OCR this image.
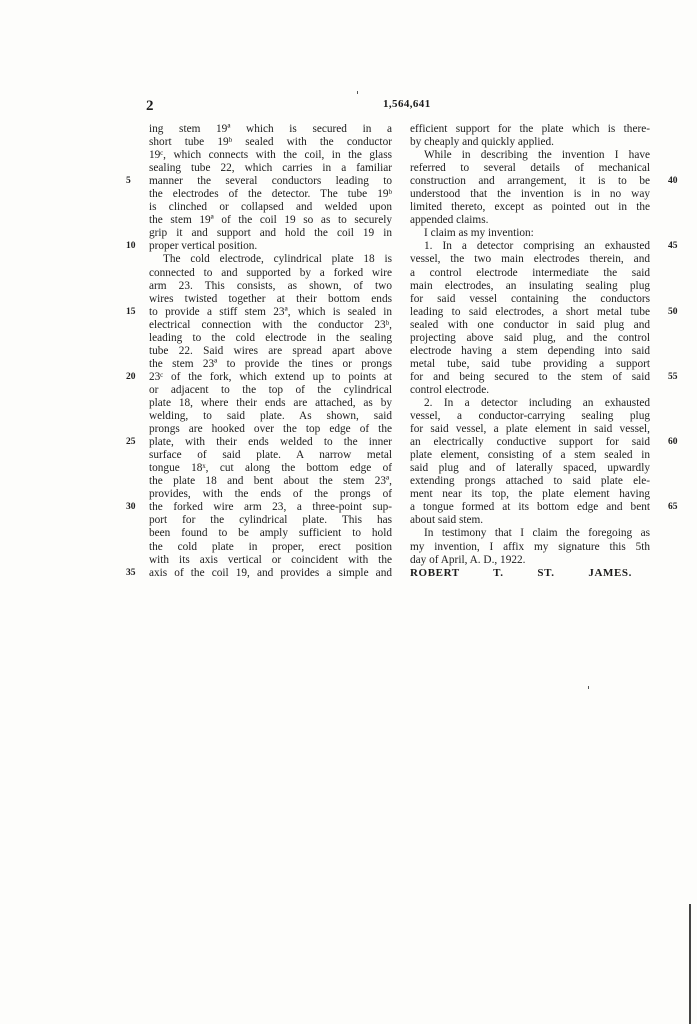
2	1,564,641
ing stem 19ª which is secured in a
short tube 19ᵇ sealed with the conductor
19ᶜ, which connects with the coil, in the glass
sealing tube 22, which carries in a familiar
manner the several conductors leading to
the electrodes of the detector. The tube 19ᵇ
is clinched or collapsed and welded upon
the stem 19ª of the coil 19 so as to securely
grip it and support and hold the coil 19 in
proper vertical position.
The cold electrode, cylindrical plate 18 is
connected to and supported by a forked wire
arm 23. This consists, as shown, of two
wires twisted together at their bottom ends
to provide a stiff stem 23ª, which is sealed in
electrical connection with the conductor 23ᵇ,
leading to the cold electrode in the sealing
tube 22. Said wires are spread apart above
the stem 23ª to provide the tines or prongs
23ᶜ of the fork, which extend up to points at
or adjacent to the top of the cylindrical
plate 18, where their ends are attached, as by
welding, to said plate. As shown, said
prongs are hooked over the top edge of the
plate, with their ends welded to the inner
surface of said plate. A narrow metal
tongue 18ˣ, cut along the bottom edge of
the plate 18 and bent about the stem 23ª,
provides, with the ends of the prongs of
the forked wire arm 23, a three-point sup-
port for the cylindrical plate. This has
been found to be amply sufficient to hold
the cold plate in proper, erect position
with its axis vertical or coincident with the
axis of the coil 19, and provides a simple and
efficient support for the plate which is there-
by cheaply and quickly applied.
While in describing the invention I have
referred to several details of mechanical
construction and arrangement, it is to be
understood that the invention is in no way
limited thereto, except as pointed out in the
appended claims.
I claim as my invention:
1. In a detector comprising an exhausted
vessel, the two main electrodes therein, and
a control electrode intermediate the said
main electrodes, an insulating sealing plug
for said vessel containing the conductors
leading to said electrodes, a short metal tube
sealed with one conductor in said plug and
projecting above said plug, and the control
electrode having a stem depending into said
metal tube, said tube providing a support
for and being secured to the stem of said
control electrode.
2. In a detector including an exhausted
vessel, a conductor-carrying sealing plug
for said vessel, a plate element in said vessel,
an electrically conductive support for said
plate element, consisting of a stem sealed in
said plug and of laterally spaced, upwardly
extending prongs attached to said plate ele-
ment near its top, the plate element having
a tongue formed at its bottom edge and bent
about said stem.
In testimony that I claim the foregoing as
my invention, I affix my signature this 5th
day of April, A. D., 1922.
ROBERT T. ST. JAMES.
5
10
15
20
25
30
35
40
45
50
55
60
65
